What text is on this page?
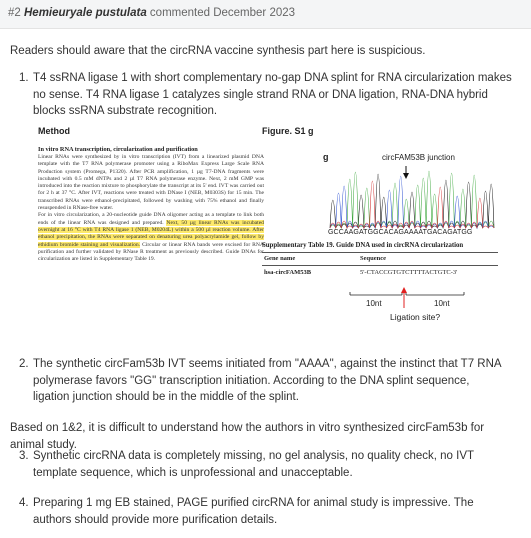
#2 Hemieuryale pustulata commented December 2023
Readers should aware that the circRNA vaccine synthesis part here is suspicious.
1. T4 ssRNA ligase 1 with short complementary no-gap DNA splint for RNA circularization makes no sense. T4 RNA ligase 1 catalyzes single strand RNA or DNA ligation, RNA-DNA hybrid blocks ssRNA substrate recognition.
Method	Figure. S1 g
In vitro RNA transcription, circularization and purification
Linear RNAs were synthesized by in vitro transcription (IVT) from a linearized plasmid DNA template with the T7 RNA polymerase promoter using a RiboMax Express Large Scale RNA Production system (Promega, P1320). After PCR amplification, 1 µg T7-DNA fragments were incubated with 0.5 mM dNTPs and 2 µl T7 RNA polymerase enzyme. Next, 2 mM GMP was introduced into the reaction mixture to phosphorylate the transcript at its 5' end. IVT was carried out for 2 h at 37 °C. After IVT, reactions were treated with DNase I (NEB, M0303S) for 15 min. The transcribed RNAs were ethanol-precipitated, followed by washing with 75% ethanol and finally resuspended in RNase-free water.
For in vitro circularization, a 20-nucleotide guide DNA oligomer acting as a template to link both ends of the linear RNA was designed and prepared. Next, 50 µg linear RNAs was incubated overnight at 16 °C with T4 RNA ligase 1 (NEB, M0204L) within a 500 µl reaction volume. After ethanol precipitation, the RNAs were separated on denaturing urea polyacrylamide gel, follow by ethidium bromide staining and visualization. Circular or linear RNA bands were excised for RNA purification and further validated by RNase R treatment as previously described. Guide DNAs for circularization are listed in Supplementary Table 19.
g	circFAM53B junction
GCCAAGATGGCACAGAAAATGACAGATGG
Supplementary Table 19. Guide DNA used in circRNA circularization
Gene name	Sequence
hsa-circFAM53B	5'-CTACCGTGTCTTTTACTGTC-3'
10nt	10nt
Ligation site?
2. The synthetic circFam53b IVT seems initiated from "AAAA", against the instinct that T7 RNA polymerase favors "GG" transcription initiation. According to the DNA splint sequence, ligation junction should be in the middle of the splint.
Based on 1&2, it is difficult to understand how the authors in vitro synthesized circFam53b for animal study.
3. Synthetic circRNA data is completely missing, no gel analysis, no quality check, no IVT template sequence, which is unprofessional and unacceptable.
4. Preparing 1 mg EB stained, PAGE purified circRNA for animal study is impressive. The authors should provide more purification details.
